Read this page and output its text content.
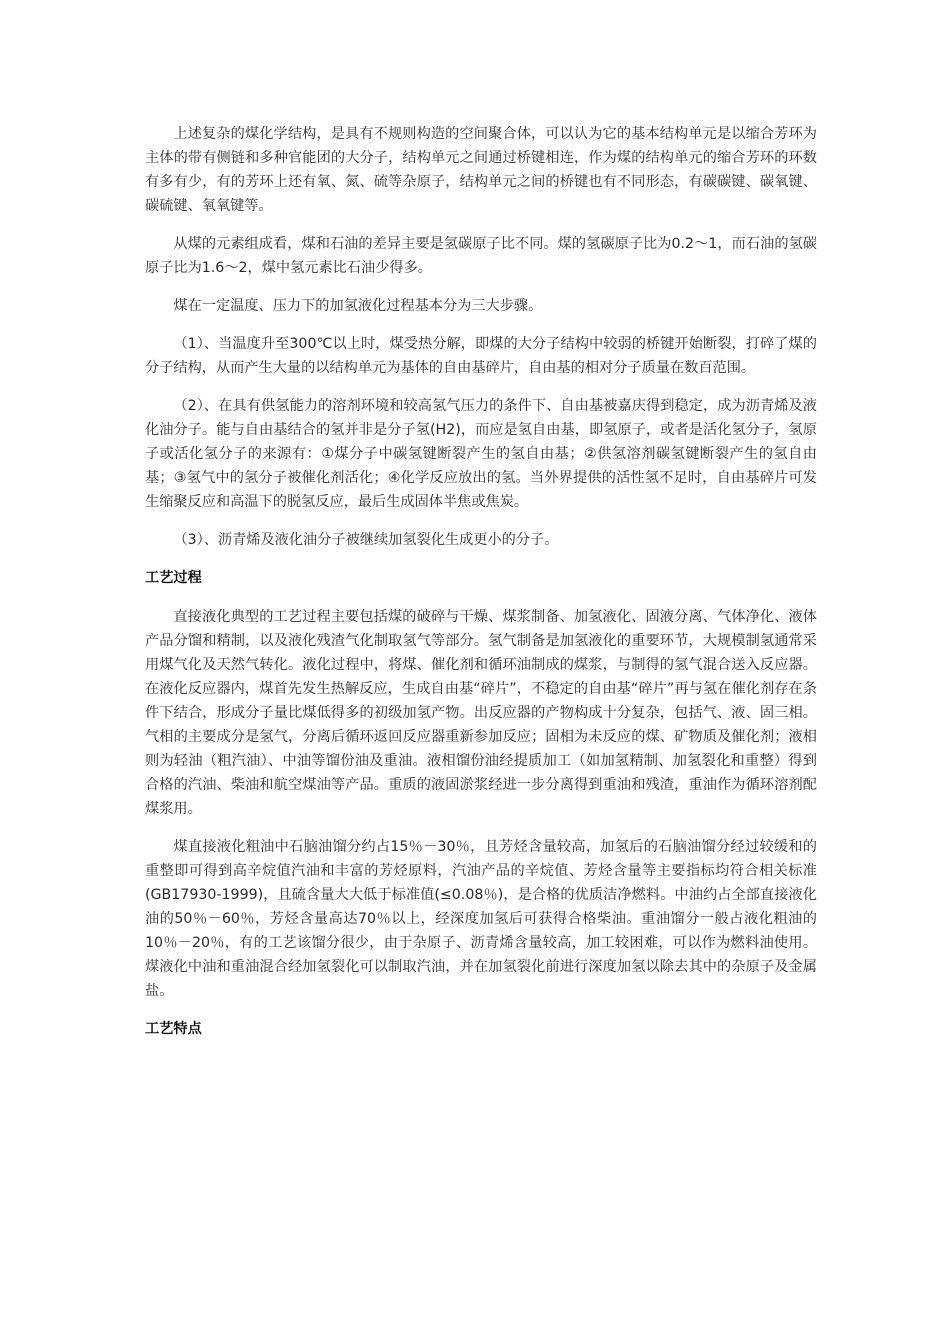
上述复杂的煤化学结构，是具有不规则构造的空间聚合体，可以认为它的基本结构单元是以缩合芳环为主体的带有侧链和多种官能团的大分子，结构单元之间通过桥键相连，作为煤的结构单元的缩合芳环的环数有多有少，有的芳环上还有氧、氮、硫等杂原子，结构单元之间的桥键也有不同形态，有碳碳键、碳氧键、碳硫键、氧氧键等。

从煤的元素组成看，煤和石油的差异主要是氢碳原子比不同。煤的氢碳原子比为0.2～1，而石油的氢碳原子比为1.6～2，煤中氢元素比石油少得多。

煤在一定温度、压力下的加氢液化过程基本分为三大步骤。

（1）、当温度升至300℃以上时，煤受热分解，即煤的大分子结构中较弱的桥键开始断裂，打碎了煤的分子结构，从而产生大量的以结构单元为基体的自由基碎片，自由基的相对分子质量在数百范围。

（2）、在具有供氢能力的溶剂环境和较高氢气压力的条件下、自由基被嘉庆得到稳定，成为沥青烯及液化油分子。能与自由基结合的氢并非是分子氢(H2)，而应是氢自由基，即氢原子，或者是活化氢分子，氢原子或活化氢分子的来源有：①煤分子中碳氢键断裂产生的氢自由基；②供氢溶剂碳氢键断裂产生的氢自由基；③氢气中的氢分子被催化剂活化；④化学反应放出的氢。当外界提供的活性氢不足时，自由基碎片可发生缩聚反应和高温下的脱氢反应，最后生成固体半焦或焦炭。

（3）、沥青烯及液化油分子被继续加氢裂化生成更小的分子。

工艺过程

直接液化典型的工艺过程主要包括煤的破碎与干燥、煤浆制备、加氢液化、固液分离、气体净化、液体产品分馏和精制，以及液化残渣气化制取氢气等部分。氢气制备是加氢液化的重要环节，大规模制氢通常采用煤气化及天然气转化。液化过程中，将煤、催化剂和循环油制成的煤浆，与制得的氢气混合送入反应器。在液化反应器内，煤首先发生热解反应，生成自由基“碎片”，不稳定的自由基“碎片”再与氢在催化剂存在条件下结合，形成分子量比煤低得多的初级加氢产物。出反应器的产物构成十分复杂，包括气、液、固三相。气相的主要成分是氢气，分离后循环返回反应器重新参加反应；固相为未反应的煤、矿物质及催化剂；液相则为轻油（粗汽油）、中油等馏份油及重油。液相馏份油经提质加工（如加氢精制、加氢裂化和重整）得到合格的汽油、柴油和航空煤油等产品。重质的液固淤浆经进一步分离得到重油和残渣，重油作为循环溶剂配煤浆用。

煤直接液化粗油中石脑油馏分约占15％－30％，且芳烃含量较高，加氢后的石脑油馏分经过较缓和的重整即可得到高辛烷值汽油和丰富的芳烃原料，汽油产品的辛烷值、芳烃含量等主要指标均符合相关标准(GB17930-1999)，且硫含量大大低于标准值(≤0.08％)，是合格的优质洁净燃料。中油约占全部直接液化油的50％－60％，芳烃含量高达70％以上，经深度加氢后可获得合格柴油。重油馏分一般占液化粗油的10％－20％，有的工艺该馏分很少，由于杂原子、沥青烯含量较高，加工较困难，可以作为燃料油使用。煤液化中油和重油混合经加氢裂化可以制取汽油，并在加氢裂化前进行深度加氢以除去其中的杂原子及金属盐。

工艺特点
